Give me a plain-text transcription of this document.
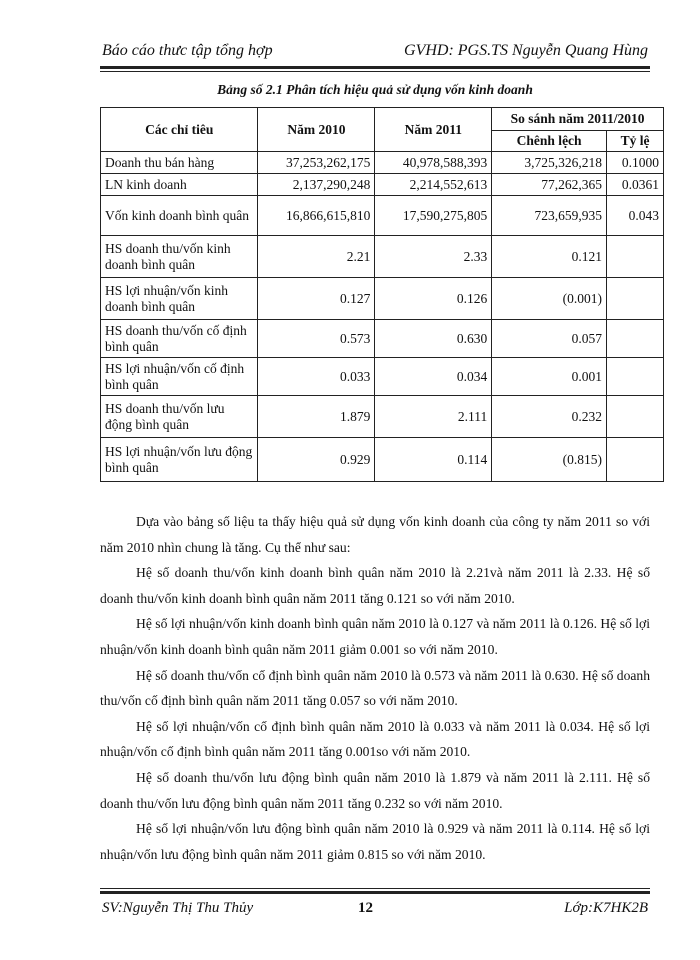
Báo cáo thưc tập tổng hợp	GVHD: PGS.TS Nguyễn Quang Hùng
Bảng số 2.1 Phân tích hiệu quả sử dụng vốn kinh doanh
Các chỉ tiêu	Năm 2010	Năm 2011	So sánh năm 2011/2010	
			Chênh lệch	Tỷ lệ
Doanh thu bán hàng	37,253,262,175	40,978,588,393	3,725,326,218	0.1000
LN kinh doanh	2,137,290,248	2,214,552,613	77,262,365	0.0361
Vốn kinh doanh bình quân	16,866,615,810	17,590,275,805	723,659,935	0.043
HS doanh thu/vốn kinh doanh bình quân	2.21	2.33	0.121	
HS lợi nhuận/vốn kinh doanh bình quân	0.127	0.126	(0.001)	
HS doanh thu/vốn cố định bình quân	0.573	0.630	0.057	
HS lợi nhuận/vốn cố định bình quân	0.033	0.034	0.001	
HS doanh thu/vốn lưu động bình quân	1.879	2.111	0.232	
HS lợi nhuận/vốn lưu động bình quân	0.929	0.114	(0.815)	

Dựa vào bảng số liệu ta thấy hiệu quả sử dụng vốn kinh doanh của công ty năm 2011 so với năm 2010 nhìn chung là tăng. Cụ thể như sau:

Hệ số doanh thu/vốn kinh doanh bình quân năm 2010 là 2.21và năm 2011 là 2.33. Hệ số doanh thu/vốn kinh doanh bình quân năm 2011 tăng 0.121 so với năm 2010.

Hệ số lợi nhuận/vốn kinh doanh bình quân năm 2010 là 0.127 và năm 2011 là 0.126. Hệ số lợi nhuận/vốn kinh doanh bình quân năm 2011 giảm 0.001 so với năm 2010.

Hệ số doanh thu/vốn cố định bình quân năm 2010 là 0.573 và năm 2011 là 0.630. Hệ số doanh thu/vốn cố định bình quân năm 2011 tăng 0.057 so với năm 2010.

Hệ số lợi nhuận/vốn cố định bình quân năm 2010 là 0.033 và năm 2011 là 0.034. Hệ số lợi nhuận/vốn cố định bình quân năm 2011 tăng 0.001so với năm 2010.

Hệ số doanh thu/vốn lưu động bình quân năm 2010 là 1.879 và năm 2011 là 2.111. Hệ số doanh thu/vốn lưu động bình quân năm 2011 tăng 0.232 so với năm 2010.

Hệ số lợi nhuận/vốn lưu động bình quân năm 2010 là 0.929 và năm 2011 là 0.114. Hệ số lợi nhuận/vốn lưu động bình quân năm 2011 giảm 0.815 so với năm 2010.

SV:Nguyễn Thị Thu Thủy	12	Lớp:K7HK2B
